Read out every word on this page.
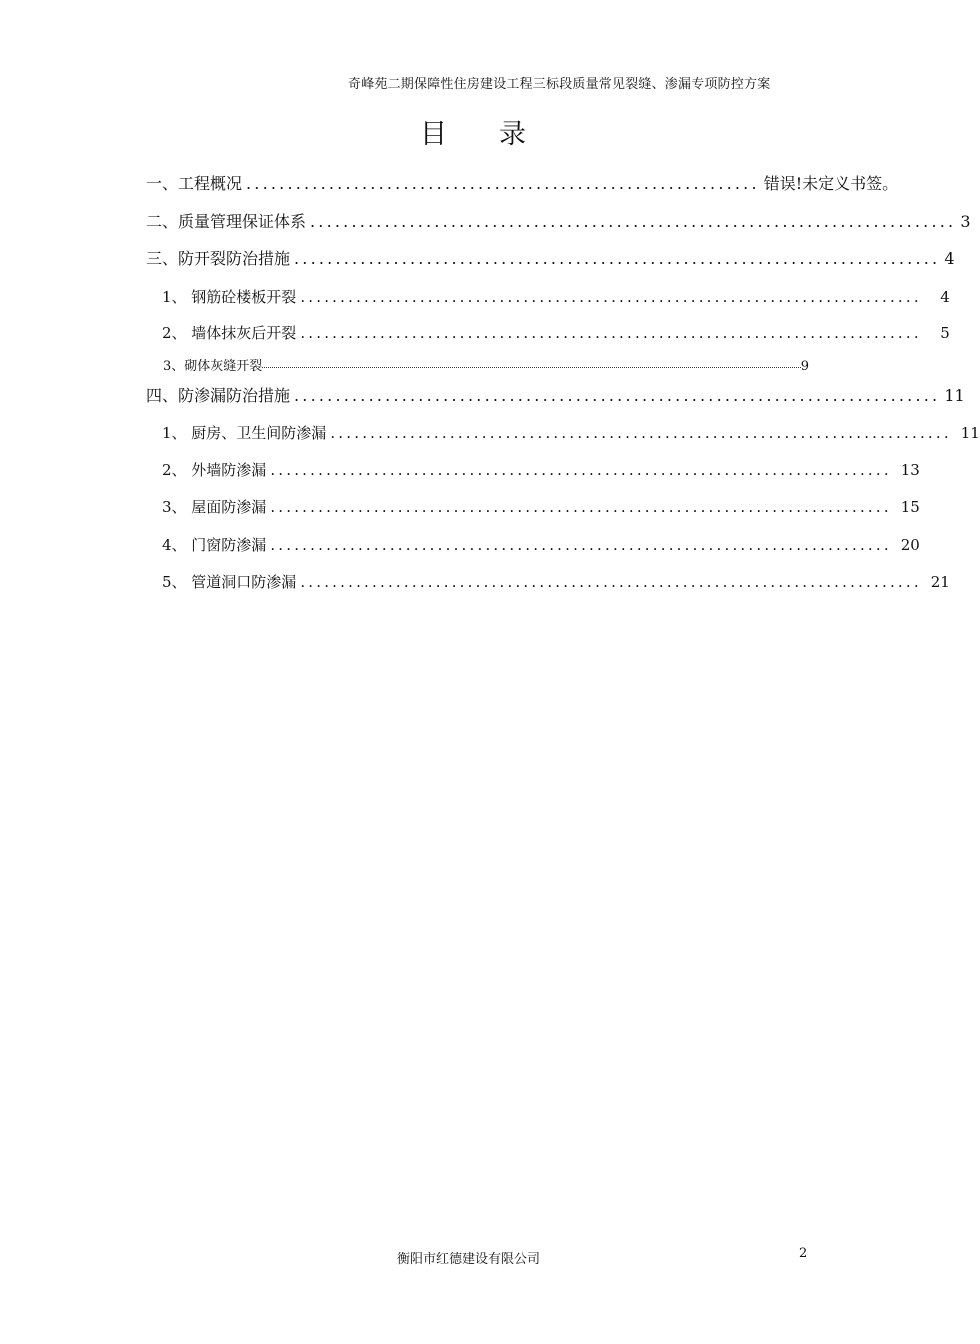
奇峰苑二期保障性住房建设工程三标段质量常见裂缝、渗漏专项防控方案
目 录
一、工程概况 .............................................................. 错误!未定义书签。
二、质量管理保证体系 .............................................................................. 3
三、防开裂防治措施 .............................................................................. 4
1、 钢筋砼楼板开裂 ..............................................................................	4
2、 墙体抹灰后开裂 ..............................................................................	5
3、砌体灰缝开裂	9
四、防渗漏防治措施 .............................................................................. 11
1、 厨房、卫生间防渗漏 .............................................................................. 11
2、 外墙防渗漏 .............................................................................. 13
3、 屋面防渗漏 .............................................................................. 15
4、 门窗防渗漏 .............................................................................. 20
5、 管道洞口防渗漏 .............................................................................. 21
衡阳市红德建设有限公司	2
